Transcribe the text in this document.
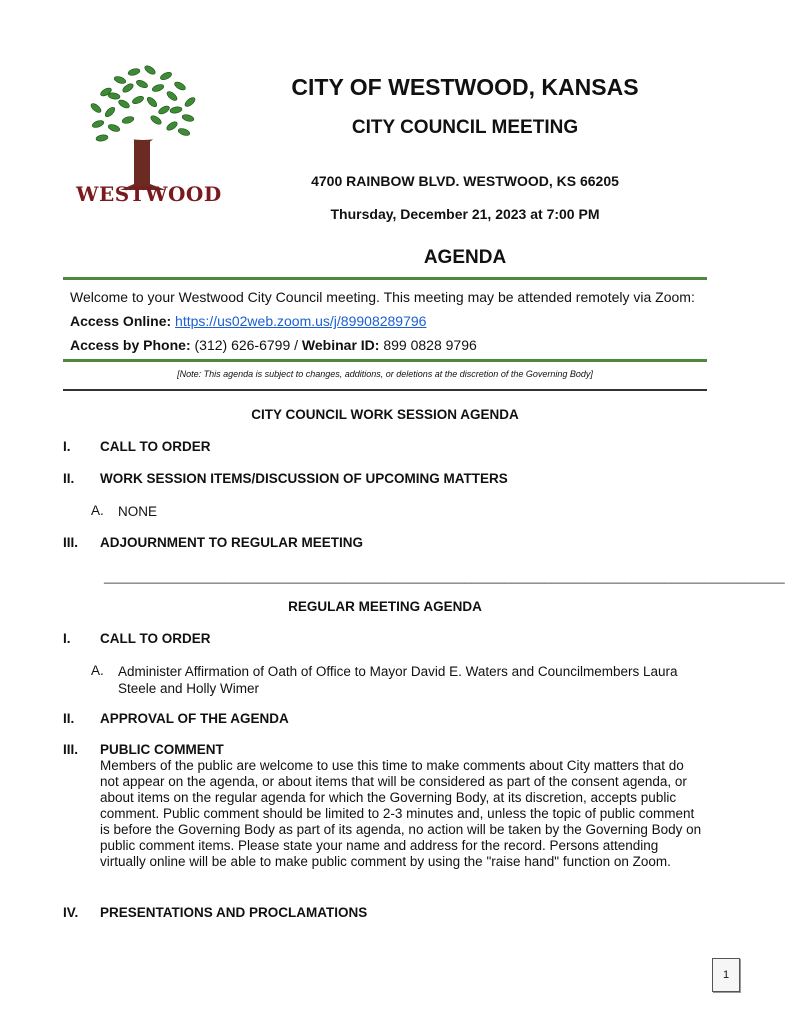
WESTWOOD
CITY OF WESTWOOD, KANSAS
CITY COUNCIL MEETING
4700 RAINBOW BLVD. WESTWOOD, KS 66205
Thursday, December 21, 2023 at 7:00 PM
AGENDA
Welcome to your Westwood City Council meeting. This meeting may be attended remotely via Zoom:
Access Online: https://us02web.zoom.us/j/89908289796
Access by Phone: (312) 626-6799 / Webinar ID: 899 0828 9796
[Note: This agenda is subject to changes, additions, or deletions at the discretion of the Governing Body]
CITY COUNCIL WORK SESSION AGENDA
I. CALL TO ORDER
II. WORK SESSION ITEMS/DISCUSSION OF UPCOMING MATTERS
A. NONE
III. ADJOURNMENT TO REGULAR MEETING
______________________________________________________________________________________________________
REGULAR MEETING AGENDA
I. CALL TO ORDER
A. Administer Affirmation of Oath of Office to Mayor David E. Waters and Councilmembers Laura Steele and Holly Wimer
II. APPROVAL OF THE AGENDA
III. PUBLIC COMMENT
Members of the public are welcome to use this time to make comments about City matters that do not appear on the agenda, or about items that will be considered as part of the consent agenda, or about items on the regular agenda for which the Governing Body, at its discretion, accepts public comment. Public comment should be limited to 2-3 minutes and, unless the topic of public comment is before the Governing Body as part of its agenda, no action will be taken by the Governing Body on public comment items. Please state your name and address for the record. Persons attending virtually online will be able to make public comment by using the "raise hand" function on Zoom.
IV. PRESENTATIONS AND PROCLAMATIONS
1
